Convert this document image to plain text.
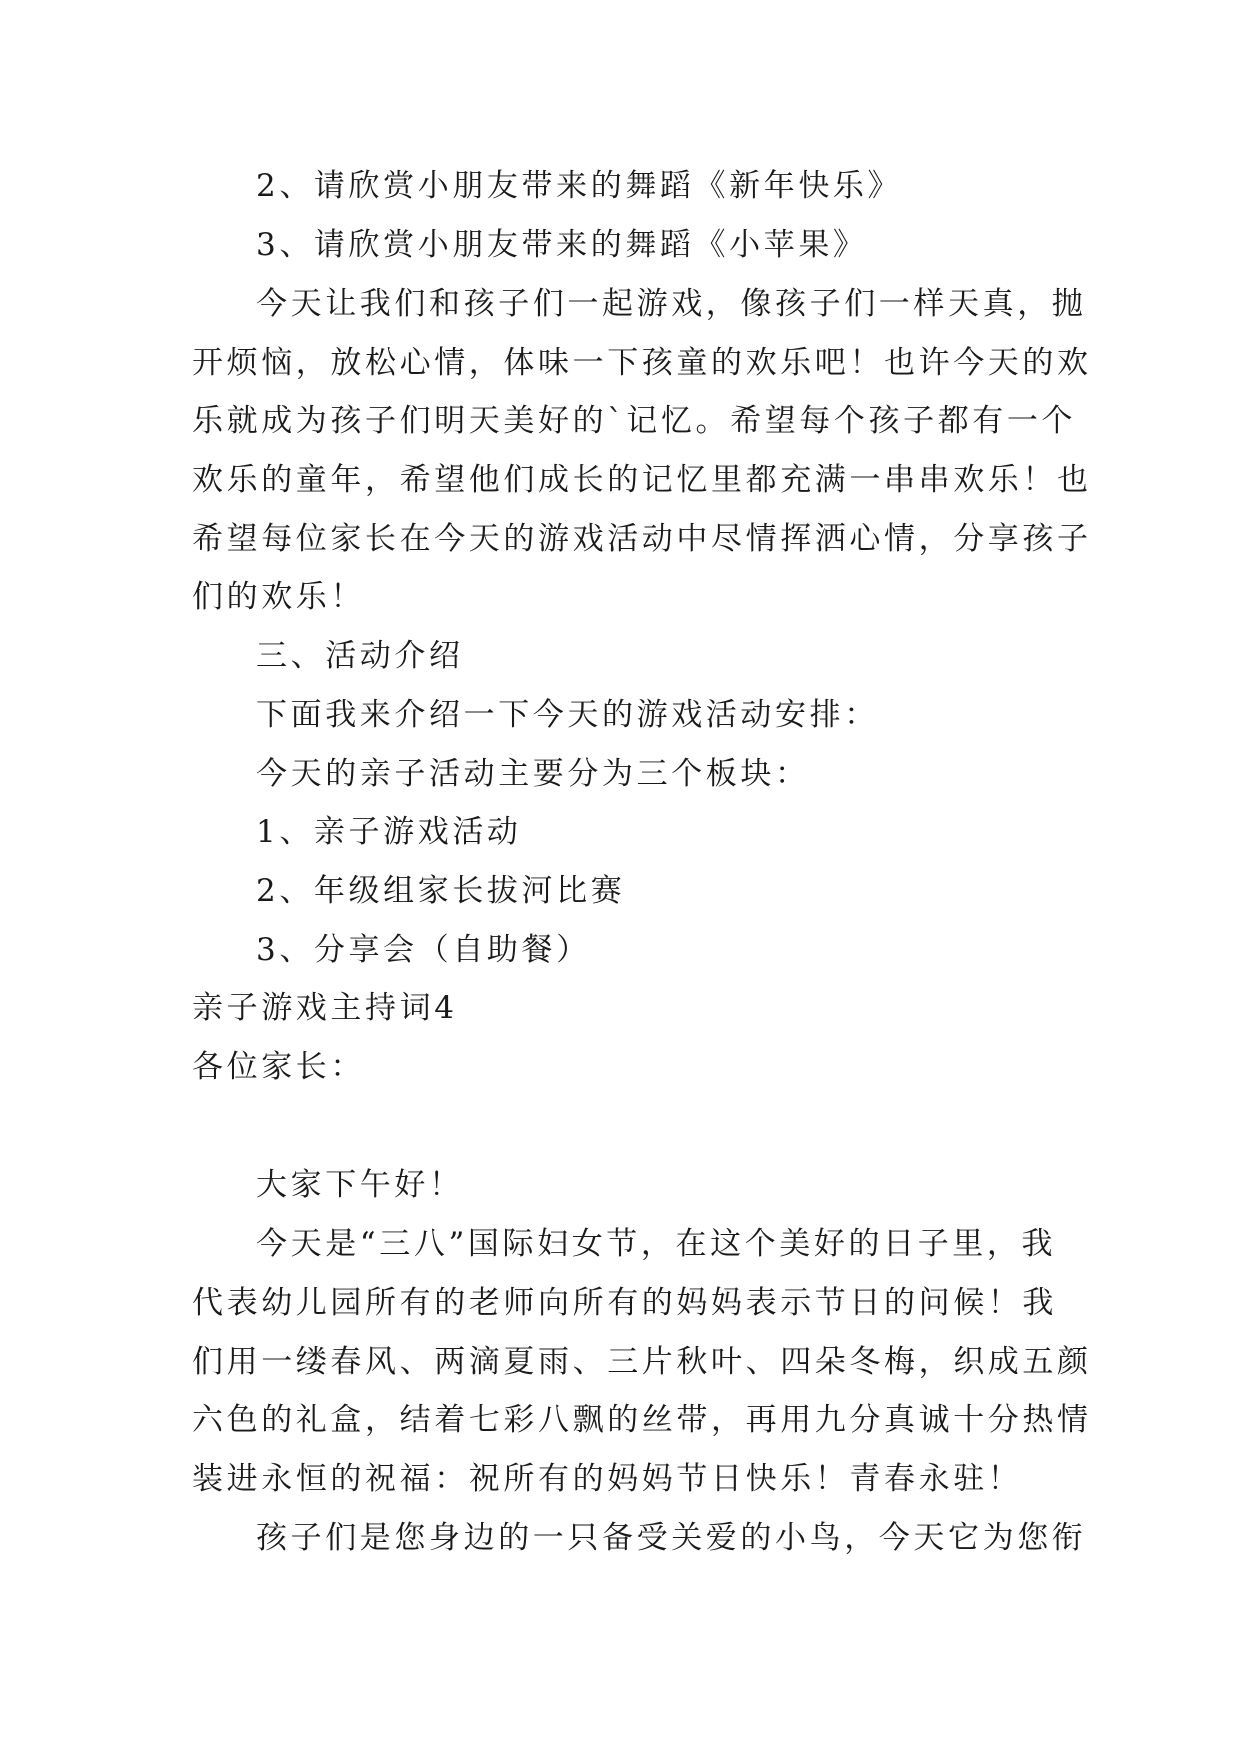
2、请欣赏小朋友带来的舞蹈《新年快乐》
3、请欣赏小朋友带来的舞蹈《小苹果》
今天让我们和孩子们一起游戏，像孩子们一样天真，抛
开烦恼，放松心情，体味一下孩童的欢乐吧！也许今天的欢
乐就成为孩子们明天美好的`记忆。希望每个孩子都有一个
欢乐的童年，希望他们成长的记忆里都充满一串串欢乐！也
希望每位家长在今天的游戏活动中尽情挥洒心情，分享孩子
们的欢乐！
三、活动介绍
下面我来介绍一下今天的游戏活动安排：
今天的亲子活动主要分为三个板块：
1、亲子游戏活动
2、年级组家长拔河比赛
3、分享会（自助餐）
亲子游戏主持词4
各位家长：
大家下午好！
今天是“三八”国际妇女节，在这个美好的日子里，我
代表幼儿园所有的老师向所有的妈妈表示节日的问候！我
们用一缕春风、两滴夏雨、三片秋叶、四朵冬梅，织成五颜
六色的礼盒，结着七彩八飘的丝带，再用九分真诚十分热情
装进永恒的祝福：祝所有的妈妈节日快乐！青春永驻！
孩子们是您身边的一只备受关爱的小鸟，今天它为您衔
